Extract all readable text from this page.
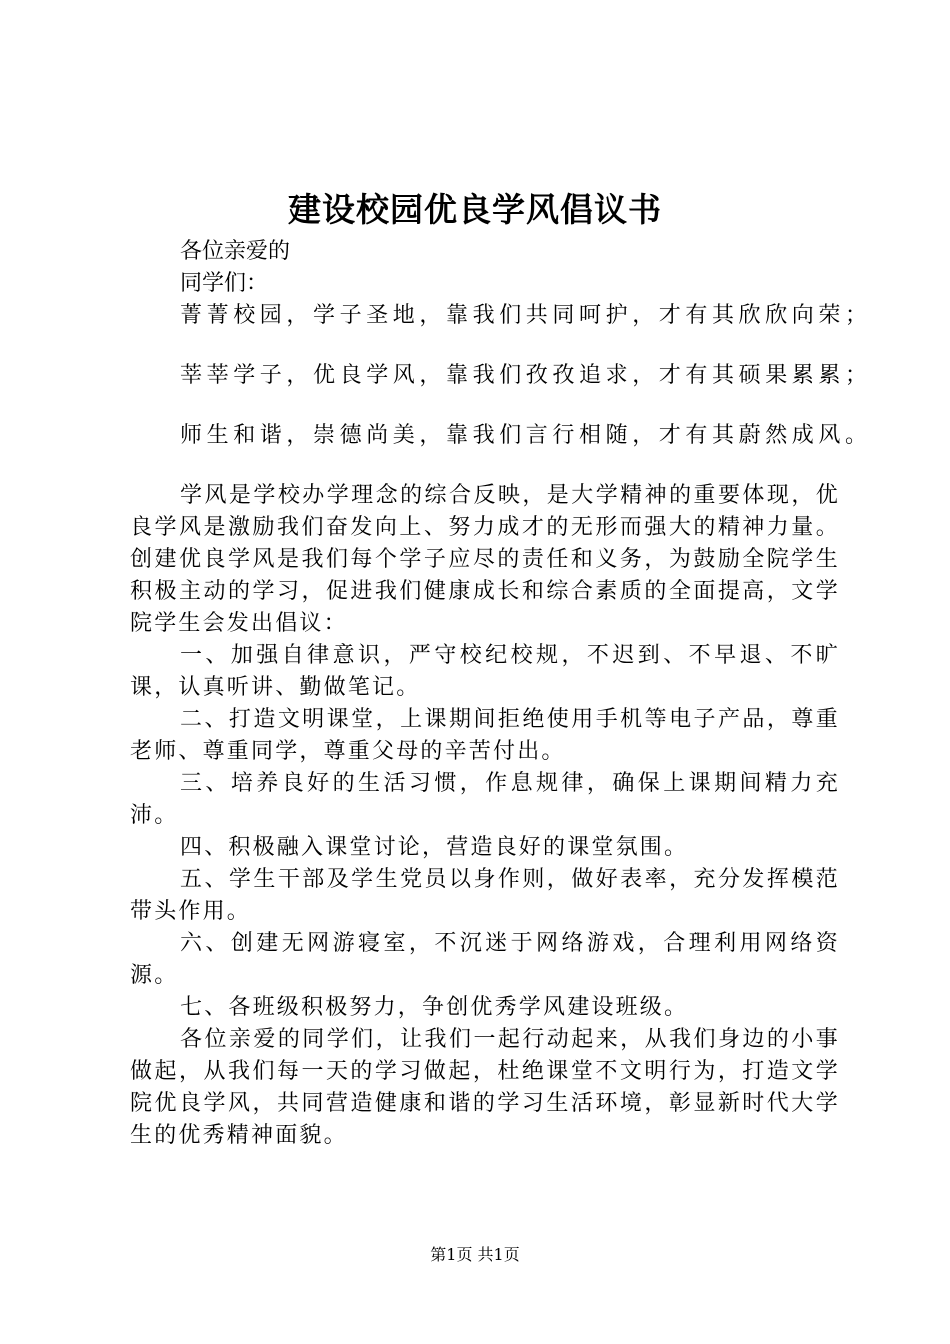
建设校园优良学风倡议书
各位亲爱的
同学们：
菁菁校园，学子圣地，靠我们共同呵护，才有其欣欣向荣；
莘莘学子，优良学风，靠我们孜孜追求，才有其硕果累累；
师生和谐，崇德尚美，靠我们言行相随，才有其蔚然成风。

学风是学校办学理念的综合反映，是大学精神的重要体现，优良学风是激励我们奋发向上、努力成才的无形而强大的精神力量。创建优良学风是我们每个学子应尽的责任和义务，为鼓励全院学生积极主动的学习，促进我们健康成长和综合素质的全面提高，文学院学生会发出倡议：

一、加强自律意识，严守校纪校规，不迟到、不早退、不旷课，认真听讲、勤做笔记。

二、打造文明课堂，上课期间拒绝使用手机等电子产品，尊重老师、尊重同学，尊重父母的辛苦付出。

三、培养良好的生活习惯，作息规律，确保上课期间精力充沛。

四、积极融入课堂讨论，营造良好的课堂氛围。

五、学生干部及学生党员以身作则，做好表率，充分发挥模范带头作用。

六、创建无网游寝室，不沉迷于网络游戏，合理利用网络资源。

七、各班级积极努力，争创优秀学风建设班级。

各位亲爱的同学们，让我们一起行动起来，从我们身边的小事做起，从我们每一天的学习做起，杜绝课堂不文明行为，打造文学院优良学风，共同营造健康和谐的学习生活环境，彰显新时代大学生的优秀精神面貌。

第1页 共1页
